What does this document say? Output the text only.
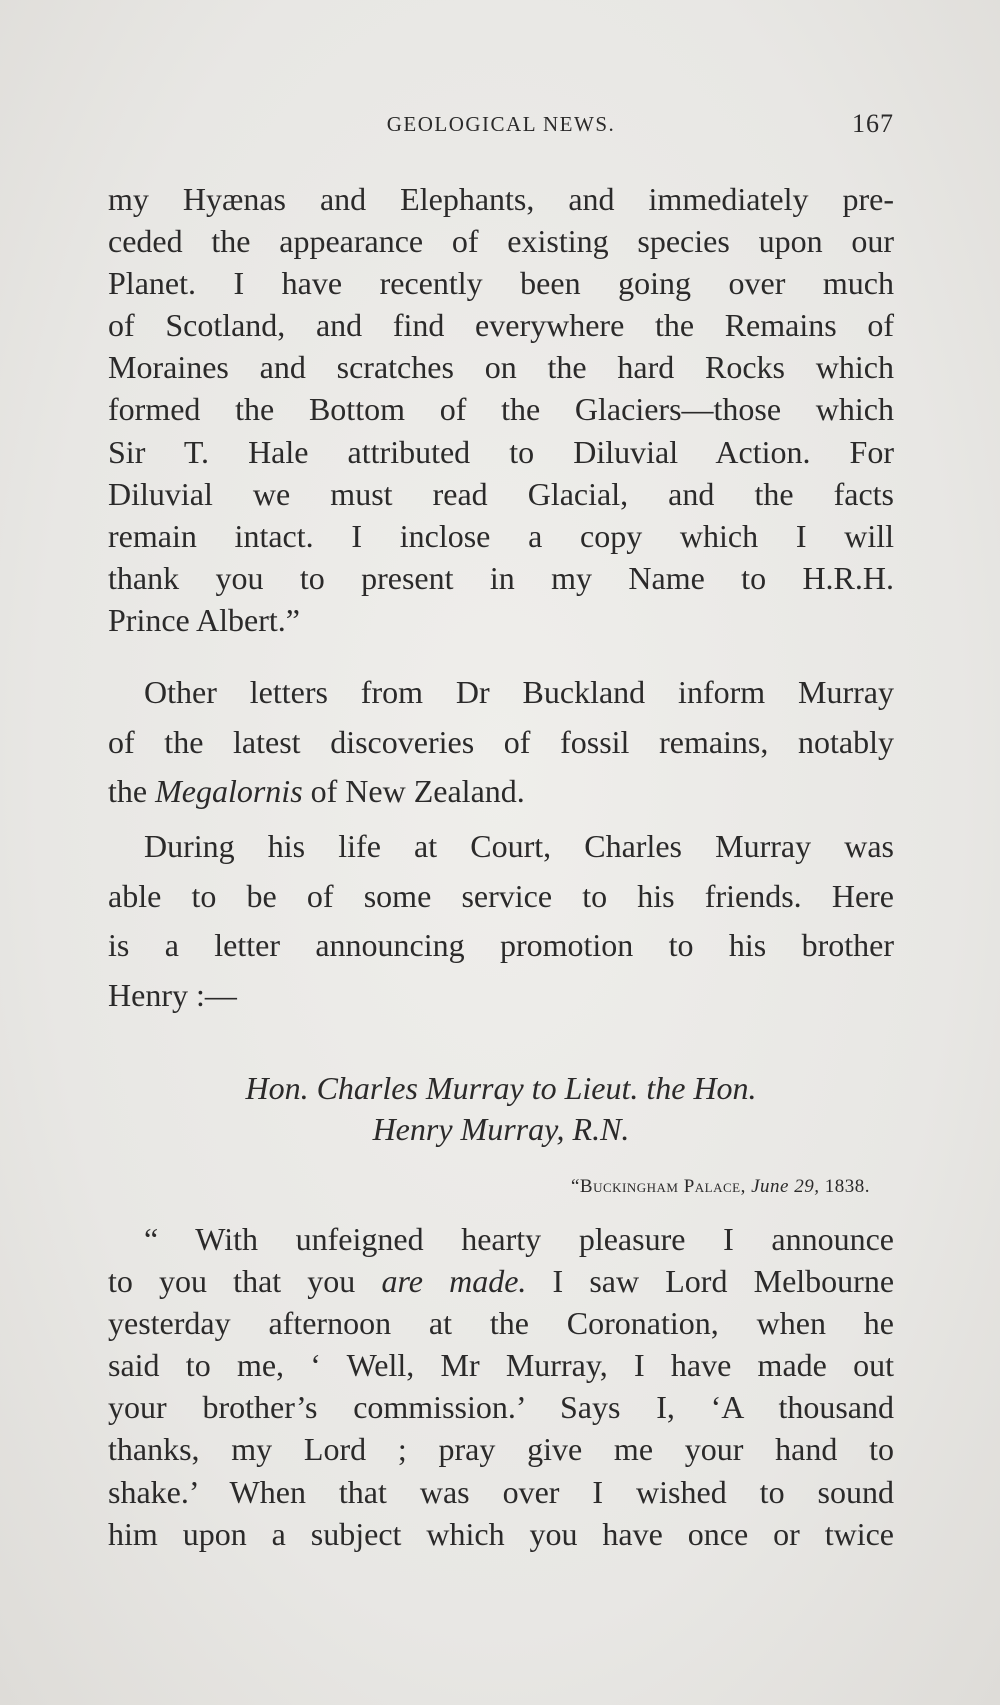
GEOLOGICAL NEWS.	167
my Hyænas and Elephants, and immediately pre-
ceded the appearance of existing species upon our
Planet. I have recently been going over much
of Scotland, and find everywhere the Remains of
Moraines and scratches on the hard Rocks which
formed the Bottom of the Glaciers—those which
Sir T. Hale attributed to Diluvial Action. For
Diluvial we must read Glacial, and the facts
remain intact. I inclose a copy which I will
thank you to present in my Name to H.R.H.
Prince Albert.”
Other letters from Dr Buckland inform Murray
of the latest discoveries of fossil remains, notably
the Megalornis of New Zealand.
During his life at Court, Charles Murray was
able to be of some service to his friends. Here
is a letter announcing promotion to his brother
Henry :—
Hon. Charles Murray to Lieut. the Hon.
Henry Murray, R.N.
“Buckingham Palace, June 29, 1838.
“ With unfeigned hearty pleasure I announce
to you that you are made. I saw Lord Melbourne
yesterday afternoon at the Coronation, when he
said to me, ‘ Well, Mr Murray, I have made out
your brother’s commission.’ Says I, ‘A thousand
thanks, my Lord ; pray give me your hand to
shake.’ When that was over I wished to sound
him upon a subject which you have once or twice
